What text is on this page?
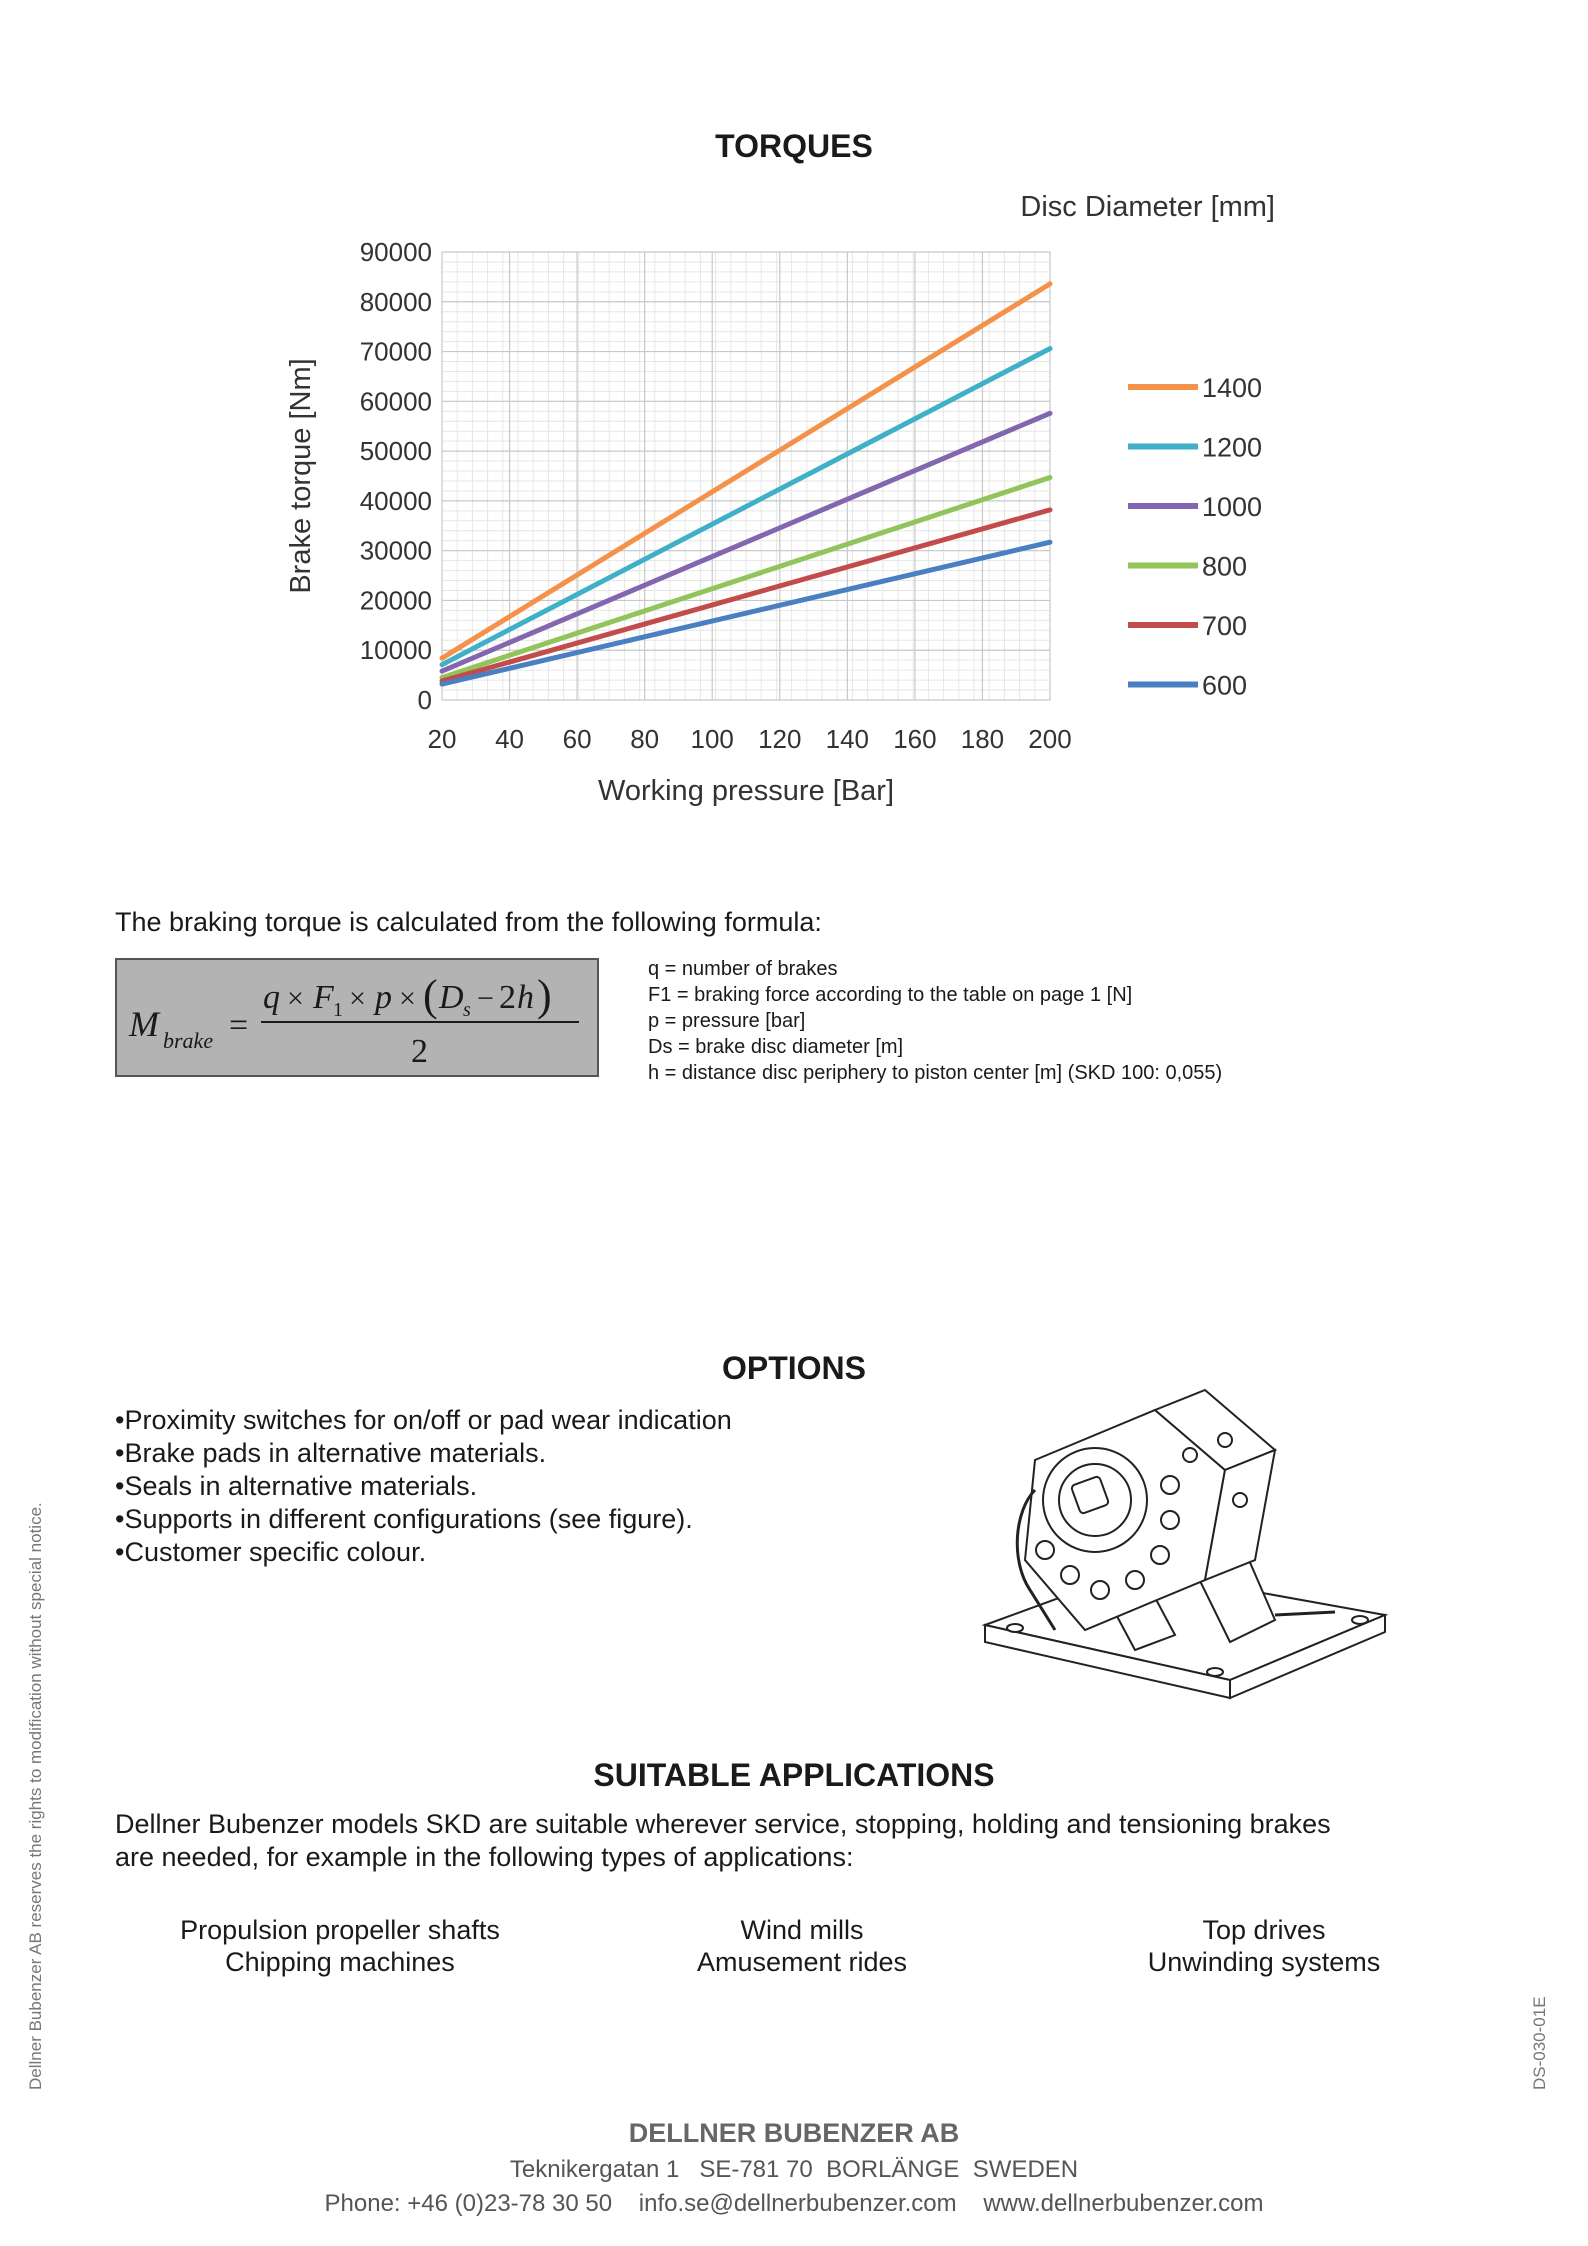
TORQUES
0
10000
20000
30000
40000
50000
60000
70000
80000
90000
20 40 60 80 100 120 140 160 180 200
Working pressure [Bar]
Brake torque [Nm]
Disc Diameter [mm]
1400
1200
1000
800
700
600
The braking torque is calculated from the following formula:
M brake =
q × F 1 × p × ( D s − 2 h )
2
q = number of brakes
F1 = braking force according to the table on page 1 [N]
p = pressure [bar]
Ds = brake disc diameter [m]
h = distance disc periphery to piston center [m] (SKD 100: 0,055)
OPTIONS
• Proximity switches for on/off or pad wear indication
• Brake pads in alternative materials.
• Seals in alternative materials.
• Supports in different configurations (see figure).
• Customer specific colour.
SUITABLE APPLICATIONS
Dellner Bubenzer models SKD are suitable wherever service, stopping, holding and tensioning brakes
are needed, for example in the following types of applications:
Propulsion propeller shafts
Chipping machines
Wind mills
Amusement rides
Top drives
Unwinding systems
DELLNER BUBENZER AB
Teknikergatan 1   SE-781 70  BORLÄNGE  SWEDEN
Phone: +46 (0)23-78 30 50    info.se@dellnerbubenzer.com    www.dellnerbubenzer.com
Dellner Bubenzer AB reserves the rights to modification without special notice.	DS-030-01E
